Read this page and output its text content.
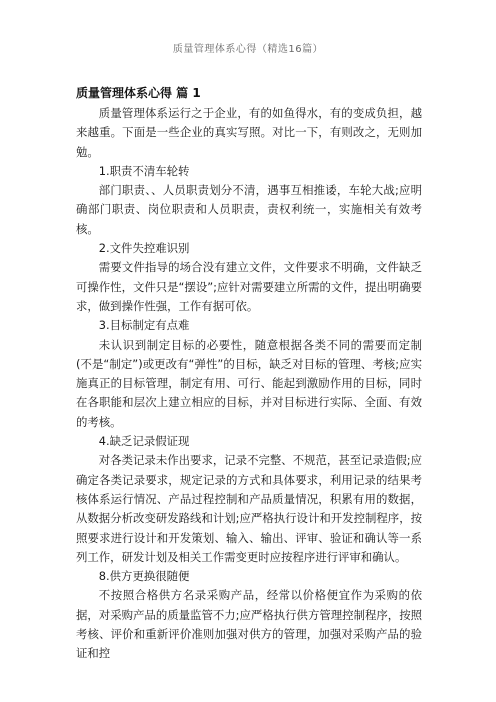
质量管理体系心得（精选16篇）

质量管理体系心得 篇 1

质量管理体系运行之于企业，有的如鱼得水，有的变成负担，越来越重。下面是一些企业的真实写照。对比一下，有则改之，无则加勉。

1.职责不清车轮转

部门职责、、人员职责划分不清，遇事互相推诿，车轮大战;应明确部门职责、岗位职责和人员职责，责权利统一，实施相关有效考核。

2.文件失控难识别

需要文件指导的场合没有建立文件，文件要求不明确，文件缺乏可操作性，文件只是“摆设”;应针对需要建立所需的文件，提出明确要求，做到操作性强，工作有据可依。

3.目标制定有点难

未认识到制定目标的必要性，随意根据各类不同的需要而定制(不是“制定”)或更改有“弹性”的目标，缺乏对目标的管理、考核;应实施真正的目标管理，制定有用、可行、能起到激励作用的目标，同时在各职能和层次上建立相应的目标，并对目标进行实际、全面、有效的考核。

4.缺乏记录假证现

对各类记录未作出要求，记录不完整、不规范，甚至记录造假;应确定各类记录要求，规定记录的方式和具体要求，利用记录的结果考核体系运行情况、产品过程控制和产品质量情况，积累有用的数据，从数据分析改变研发路线和计划;应严格执行设计和开发控制程序，按照要求进行设计和开发策划、输入、输出、评审、验证和确认等一系列工作，研发计划及相关工作需变更时应按程序进行评审和确认。

8.供方更换很随便

不按照合格供方名录采购产品，经常以价格便宜作为采购的依据，对采购产品的质量监管不力;应严格执行供方管理控制程序，按照考核、评价和重新评价准则加强对供方的管理，加强对采购产品的验证和控
